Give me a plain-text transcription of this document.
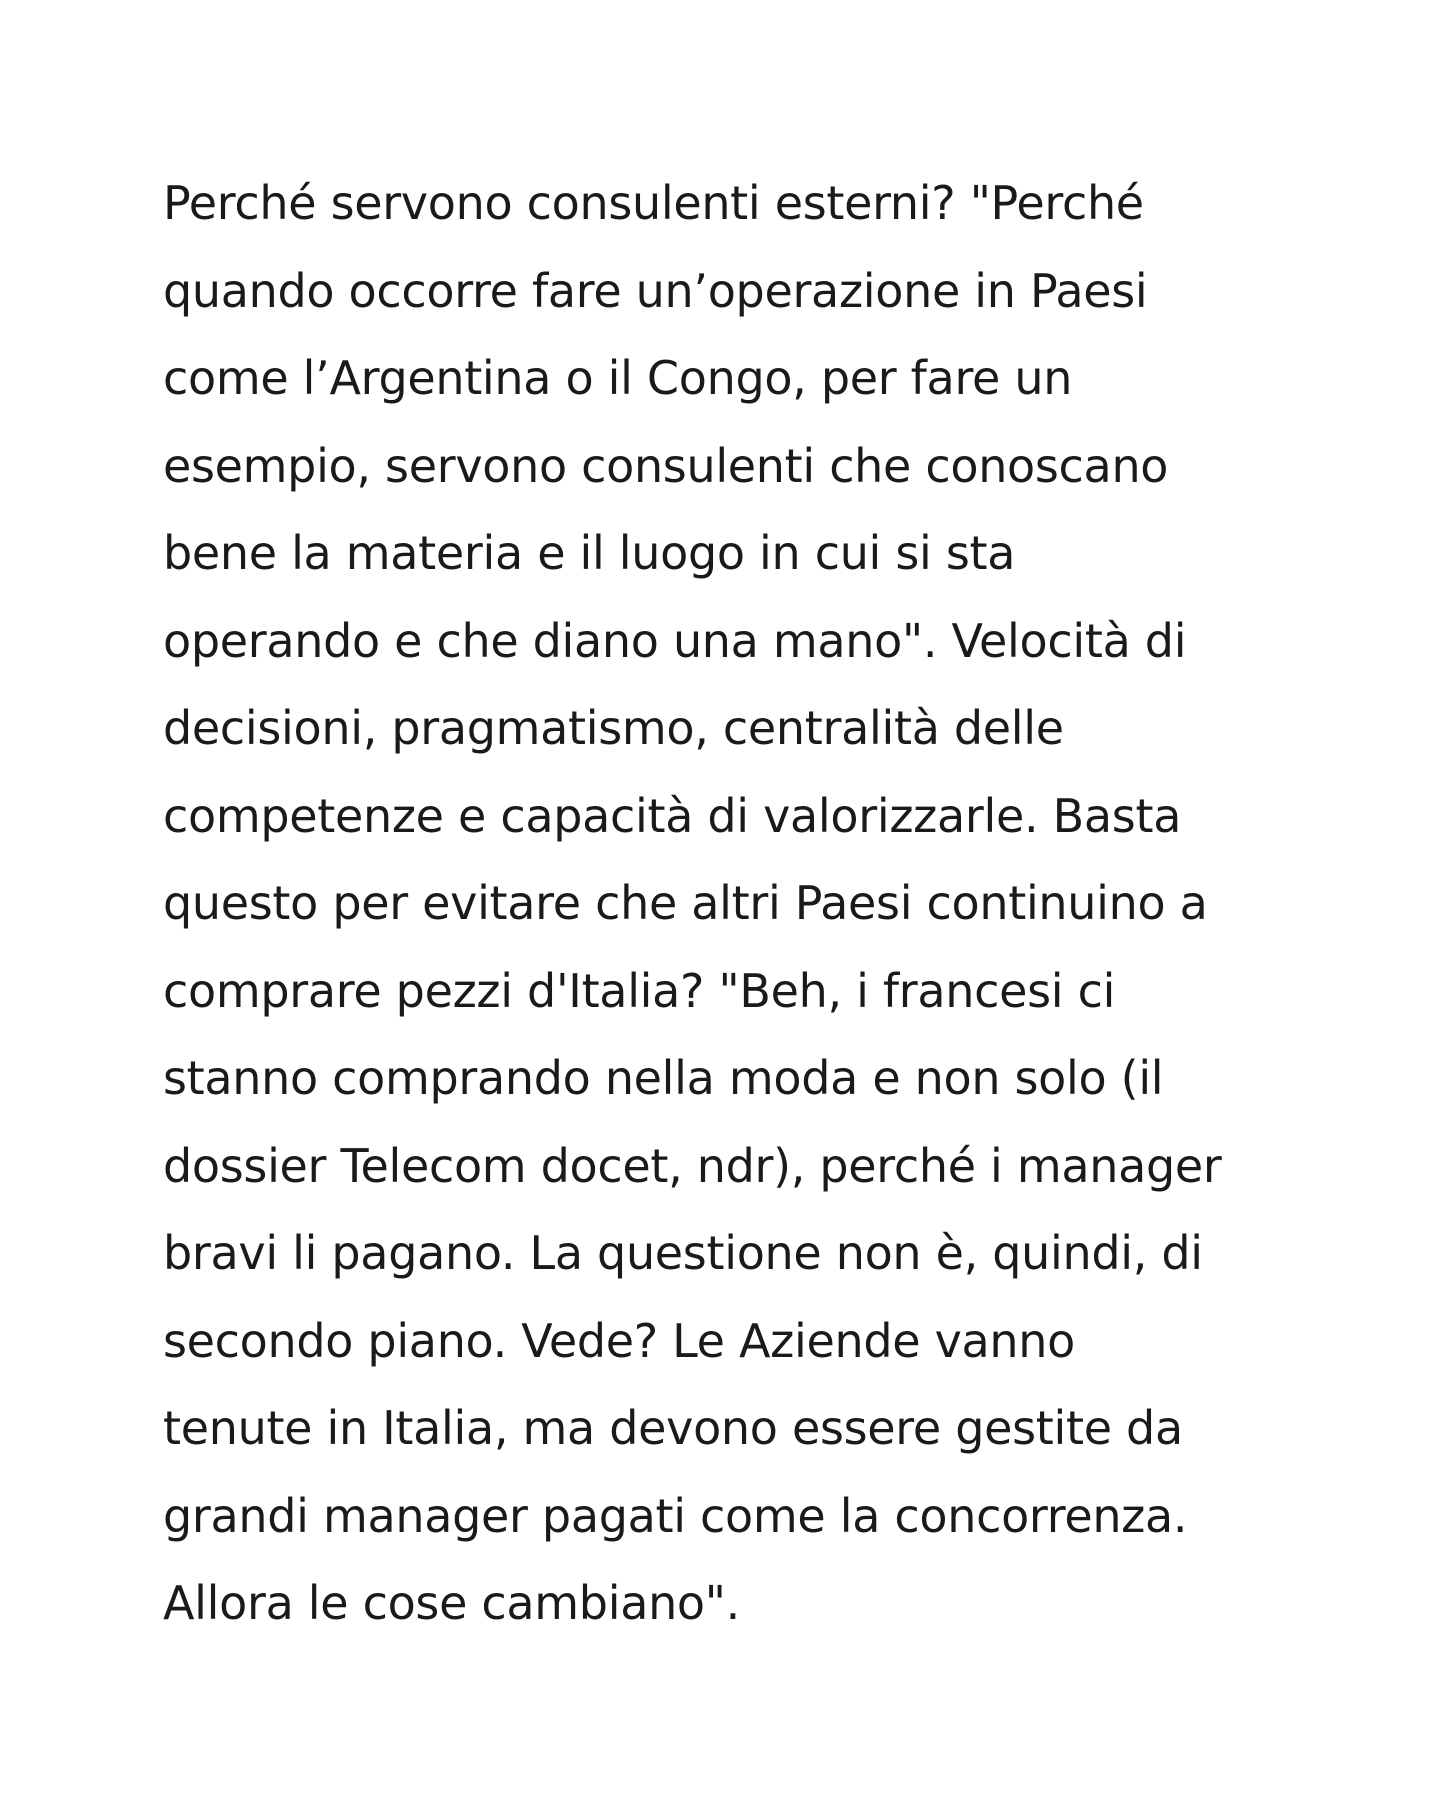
Perché servono consulenti esterni? "Perché
quando occorre fare un’operazione in Paesi
come l’Argentina o il Congo, per fare un
esempio, servono consulenti che conoscano
bene la materia e il luogo in cui si sta
operando e che diano una mano". Velocità di
decisioni, pragmatismo, centralità delle
competenze e capacità di valorizzarle. Basta
questo per evitare che altri Paesi continuino a
comprare pezzi d'Italia? "Beh, i francesi ci
stanno comprando nella moda e non solo (il
dossier Telecom docet, ndr), perché i manager
bravi li pagano. La questione non è, quindi, di
secondo piano. Vede? Le Aziende vanno
tenute in Italia, ma devono essere gestite da
grandi manager pagati come la concorrenza.
Allora le cose cambiano".
